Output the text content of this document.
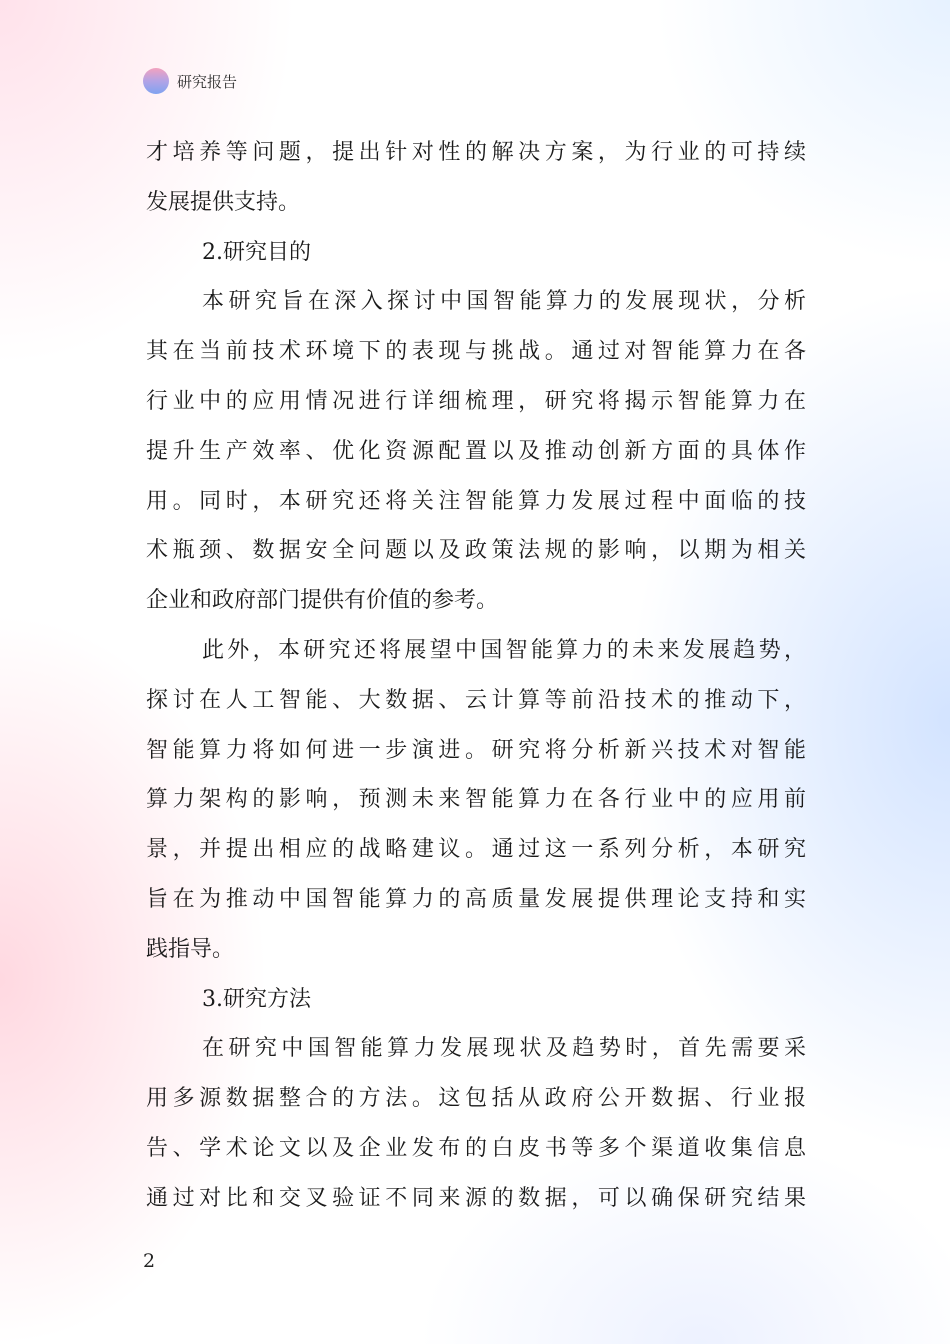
研究报告
才培养等问题，提出针对性的解决方案，为行业的可持续
发展提供支持。
2.研究目的
本研究旨在深入探讨中国智能算力的发展现状，分析
其在当前技术环境下的表现与挑战。通过对智能算力在各
行业中的应用情况进行详细梳理，研究将揭示智能算力在
提升生产效率、优化资源配置以及推动创新方面的具体作
用。同时，本研究还将关注智能算力发展过程中面临的技
术瓶颈、数据安全问题以及政策法规的影响，以期为相关
企业和政府部门提供有价值的参考。
此外，本研究还将展望中国智能算力的未来发展趋势，
探讨在人工智能、大数据、云计算等前沿技术的推动下，
智能算力将如何进一步演进。研究将分析新兴技术对智能
算力架构的影响，预测未来智能算力在各行业中的应用前
景，并提出相应的战略建议。通过这一系列分析，本研究
旨在为推动中国智能算力的高质量发展提供理论支持和实
践指导。
3.研究方法
在研究中国智能算力发展现状及趋势时，首先需要采
用多源数据整合的方法。这包括从政府公开数据、行业报
告、学术论文以及企业发布的白皮书等多个渠道收集信息
通过对比和交叉验证不同来源的数据，可以确保研究结果
2
